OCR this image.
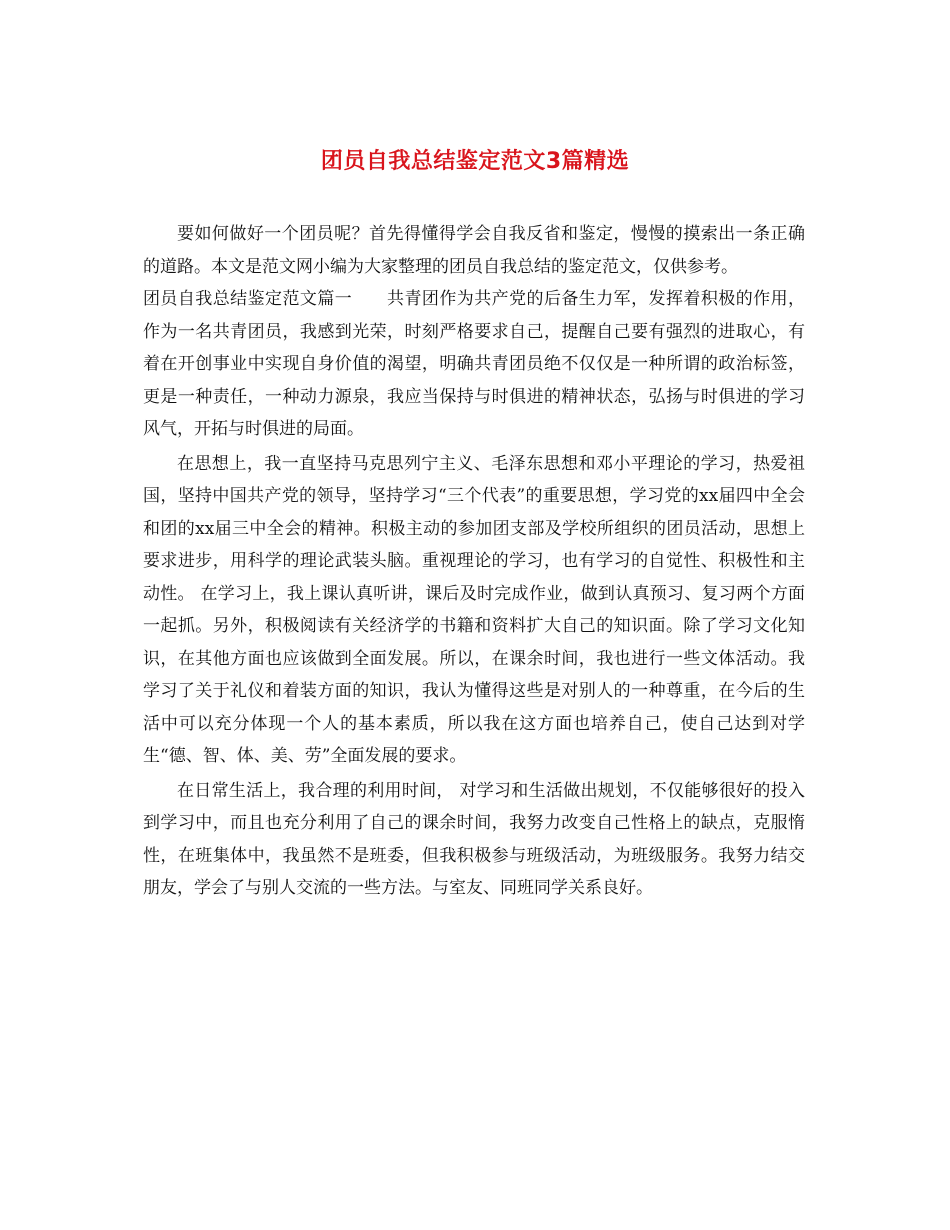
团员自我总结鉴定范文3篇精选

要如何做好一个团员呢？首先得懂得学会自我反省和鉴定，慢慢的摸索出一条正确的道路。本文是范文网小编为大家整理的团员自我总结的鉴定范文，仅供参考。

团员自我总结鉴定范文篇一　　共青团作为共产党的后备生力军，发挥着积极的作用，作为一名共青团员，我感到光荣，时刻严格要求自己，提醒自己要有强烈的进取心，有着在开创事业中实现自身价值的渴望，明确共青团员绝不仅仅是一种所谓的政治标签，更是一种责任，一种动力源泉，我应当保持与时俱进的精神状态，弘扬与时俱进的学习风气，开拓与时俱进的局面。

在思想上，我一直坚持马克思列宁主义、毛泽东思想和邓小平理论的学习，热爱祖国，坚持中国共产党的领导，坚持学习“三个代表”的重要思想，学习党的xx届四中全会和团的xx届三中全会的精神。积极主动的参加团支部及学校所组织的团员活动，思想上要求进步，用科学的理论武装头脑。重视理论的学习，也有学习的自觉性、积极性和主动性。 在学习上，我上课认真听讲，课后及时完成作业，做到认真预习、复习两个方面一起抓。另外，积极阅读有关经济学的书籍和资料扩大自己的知识面。除了学习文化知识，在其他方面也应该做到全面发展。所以，在课余时间，我也进行一些文体活动。我学习了关于礼仪和着装方面的知识，我认为懂得这些是对别人的一种尊重，在今后的生活中可以充分体现一个人的基本素质，所以我在这方面也培养自己，使自己达到对学生“德、智、体、美、劳”全面发展的要求。

在日常生活上，我合理的利用时间， 对学习和生活做出规划，不仅能够很好的投入到学习中，而且也充分利用了自己的课余时间，我努力改变自己性格上的缺点，克服惰性，在班集体中，我虽然不是班委，但我积极参与班级活动，为班级服务。我努力结交朋友，学会了与别人交流的一些方法。与室友、同班同学关系良好。
